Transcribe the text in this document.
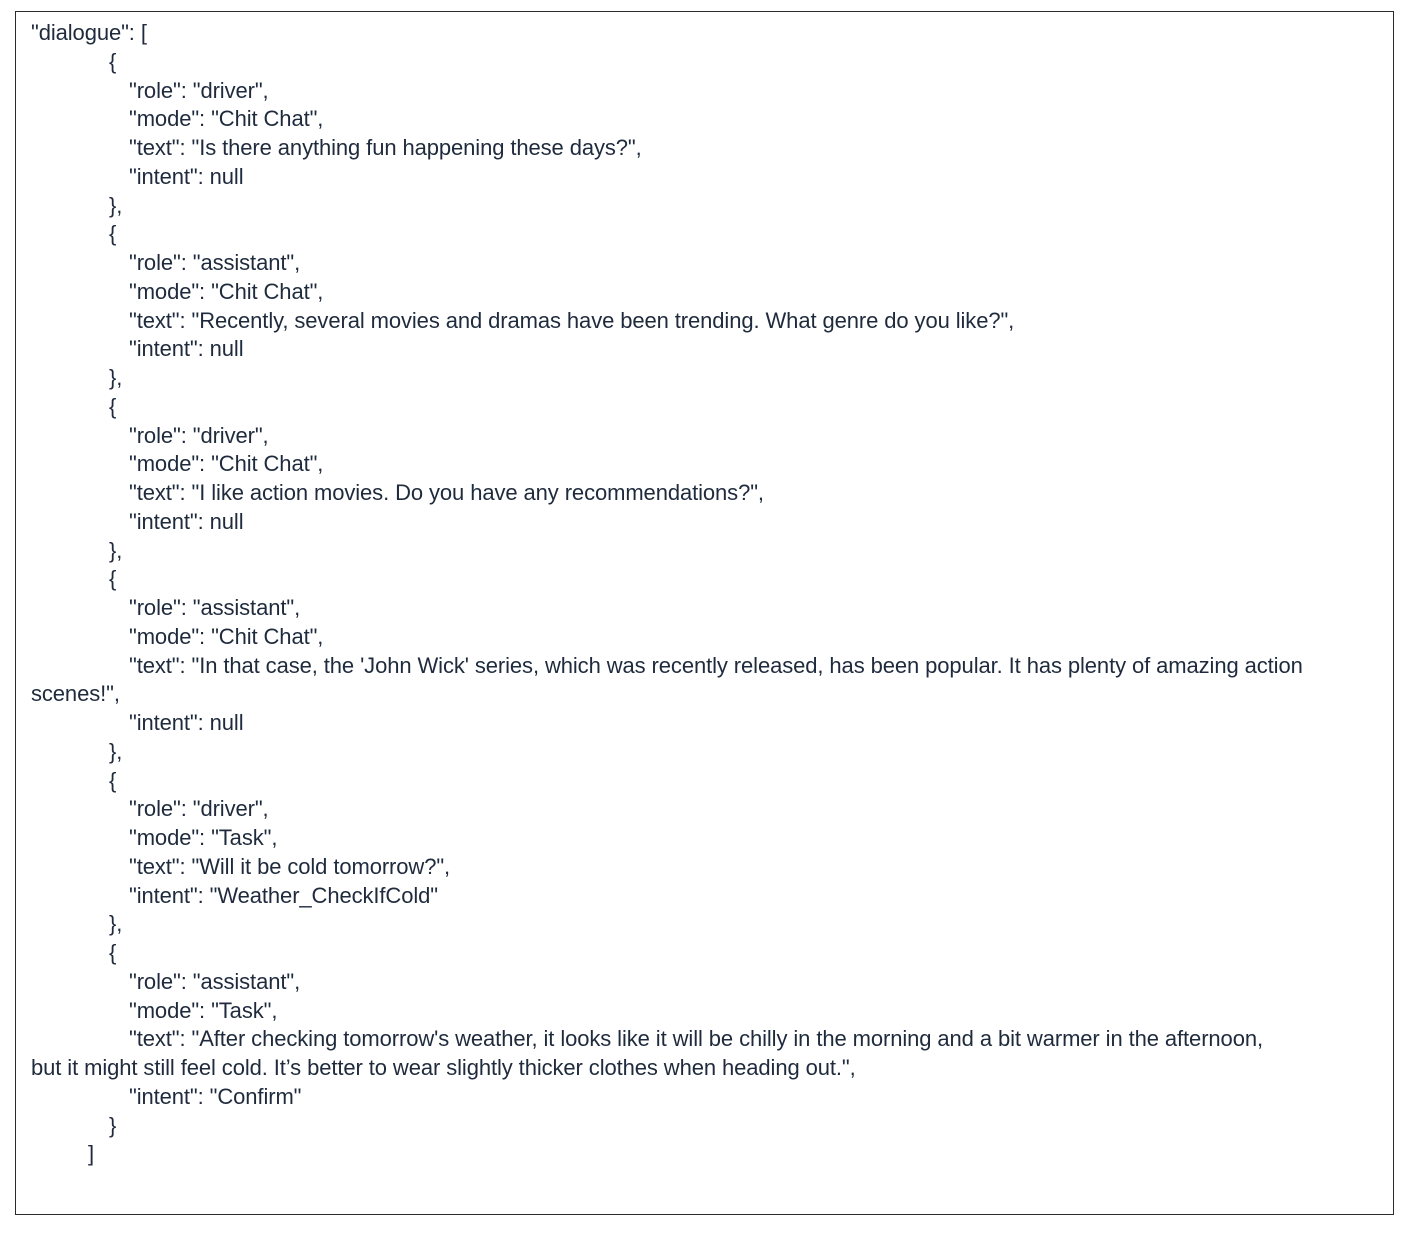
"dialogue": [
{
"role": "driver",
"mode": "Chit Chat",
"text": "Is there anything fun happening these days?",
"intent": null
},
{
"role": "assistant",
"mode": "Chit Chat",
"text": "Recently, several movies and dramas have been trending. What genre do you like?",
"intent": null
},
{
"role": "driver",
"mode": "Chit Chat",
"text": "I like action movies. Do you have any recommendations?",
"intent": null
},
{
"role": "assistant",
"mode": "Chit Chat",
"text": "In that case, the 'John Wick' series, which was recently released, has been popular. It has plenty of amazing action
scenes!",
"intent": null
},
{
"role": "driver",
"mode": "Task",
"text": "Will it be cold tomorrow?",
"intent": "Weather_CheckIfCold"
},
{
"role": "assistant",
"mode": "Task",
"text": "After checking tomorrow's weather, it looks like it will be chilly in the morning and a bit warmer in the afternoon,
but it might still feel cold. It’s better to wear slightly thicker clothes when heading out.",
"intent": "Confirm"
}
]
